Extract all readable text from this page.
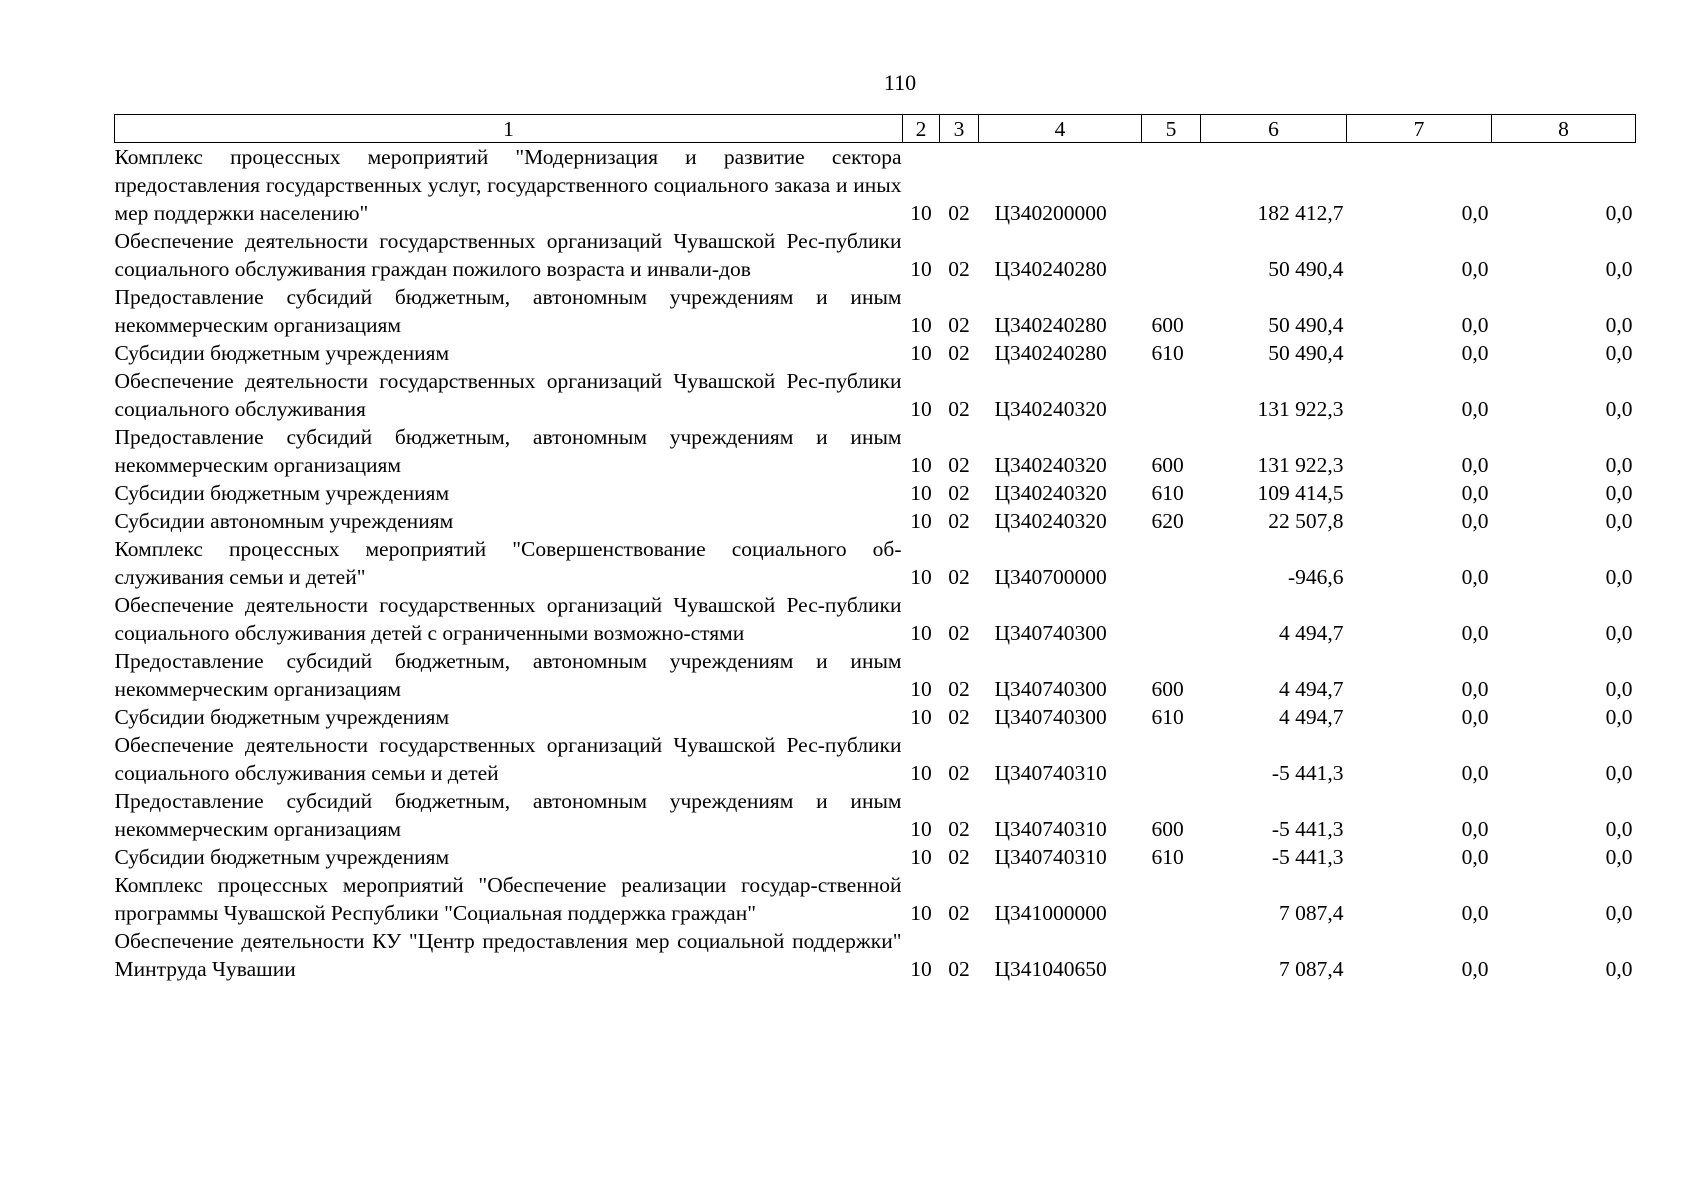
110
1	2	3	4	5	6	7	8
Комплекс процессных мероприятий "Модернизация и развитие сектора предоставления государственных услуг, государственного социального заказа и иных мер поддержки населению"	10	02	Ц340200000		182 412,7	0,0	0,0
Обеспечение деятельности государственных организаций Чувашской Рес-публики социального обслуживания граждан пожилого возраста и инвали-дов	10	02	Ц340240280		50 490,4	0,0	0,0
Предоставление субсидий бюджетным, автономным учреждениям и иным некоммерческим организациям	10	02	Ц340240280	600	50 490,4	0,0	0,0
Субсидии бюджетным учреждениям	10	02	Ц340240280	610	50 490,4	0,0	0,0
Обеспечение деятельности государственных организаций Чувашской Рес-публики социального обслуживания	10	02	Ц340240320		131 922,3	0,0	0,0
Предоставление субсидий бюджетным, автономным учреждениям и иным некоммерческим организациям	10	02	Ц340240320	600	131 922,3	0,0	0,0
Субсидии бюджетным учреждениям	10	02	Ц340240320	610	109 414,5	0,0	0,0
Субсидии автономным учреждениям	10	02	Ц340240320	620	22 507,8	0,0	0,0
Комплекс процессных мероприятий "Совершенствование социального об-служивания семьи и детей"	10	02	Ц340700000		-946,6	0,0	0,0
Обеспечение деятельности государственных организаций Чувашской Рес-публики социального обслуживания детей с ограниченными возможно-стями	10	02	Ц340740300		4 494,7	0,0	0,0
Предоставление субсидий бюджетным, автономным учреждениям и иным некоммерческим организациям	10	02	Ц340740300	600	4 494,7	0,0	0,0
Субсидии бюджетным учреждениям	10	02	Ц340740300	610	4 494,7	0,0	0,0
Обеспечение деятельности государственных организаций Чувашской Рес-публики социального обслуживания семьи и детей	10	02	Ц340740310		-5 441,3	0,0	0,0
Предоставление субсидий бюджетным, автономным учреждениям и иным некоммерческим организациям	10	02	Ц340740310	600	-5 441,3	0,0	0,0
Субсидии бюджетным учреждениям	10	02	Ц340740310	610	-5 441,3	0,0	0,0
Комплекс процессных мероприятий "Обеспечение реализации государ-ственной программы Чувашской Республики "Социальная поддержка граждан"	10	02	Ц341000000		7 087,4	0,0	0,0
Обеспечение деятельности КУ "Центр предоставления мер социальной поддержки" Минтруда Чувашии	10	02	Ц341040650		7 087,4	0,0	0,0
